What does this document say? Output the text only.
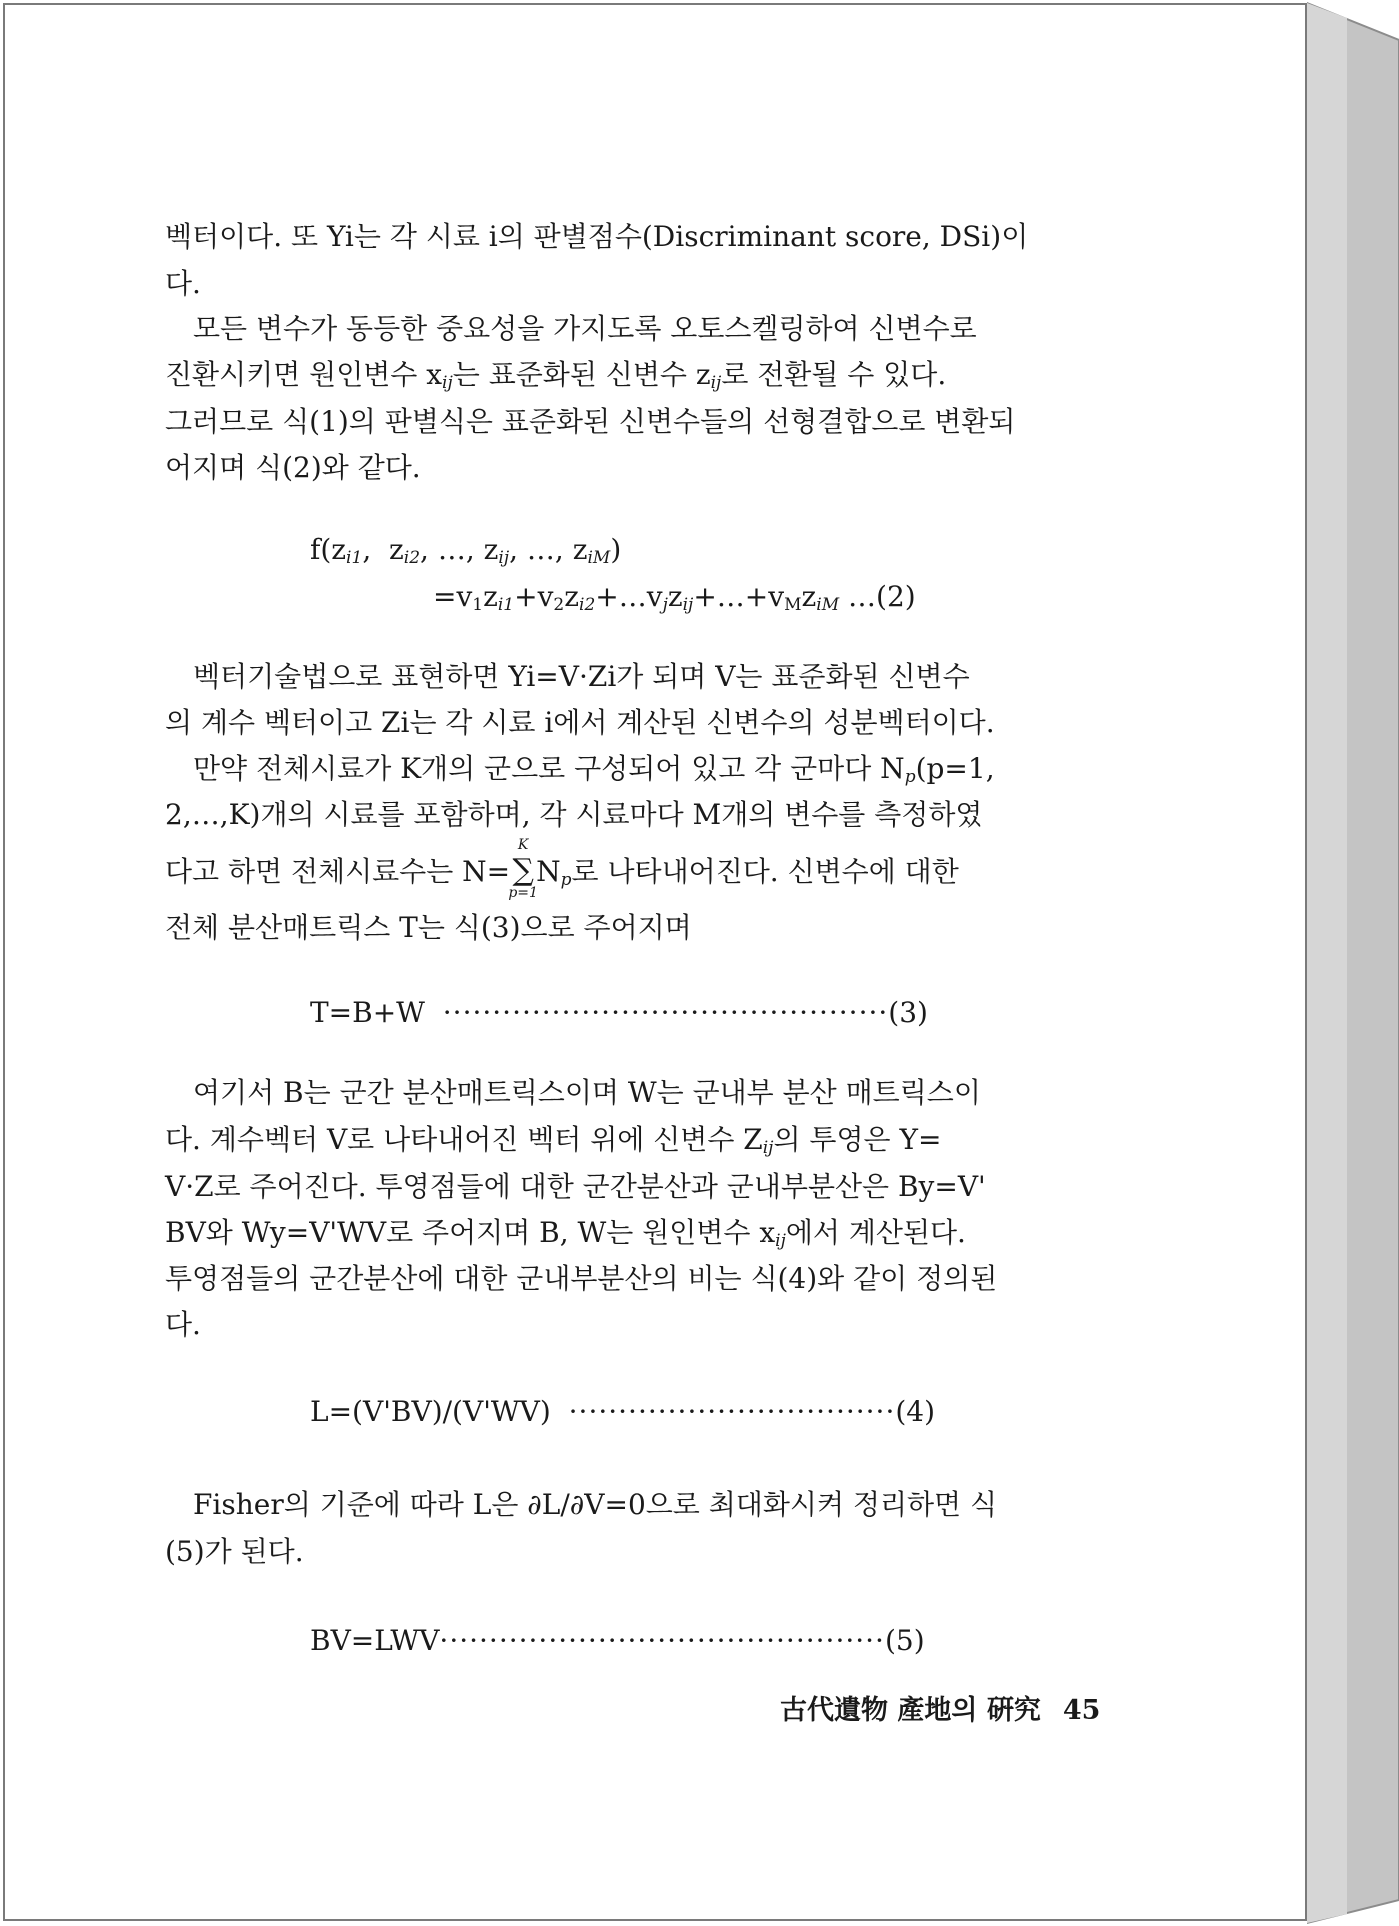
벡터이다. 또 Yi는 각 시료 i의 판별점수(Discriminant score, DSi)이
다.
모든 변수가 동등한 중요성을 가지도록 오토스켈링하여 신변수로
진환시키면 원인변수 $x_{ij}$는 표준화된 신변수 $z_{ij}$로 전환될 수 있다.
그러므로 식(1)의 판별식은 표준화된 신변수들의 선형결합으로 변환되
어지며 식(2)와 같다.
$f(z_{i1}$,  $z_{i2}$, …, $z_{ij}$, …, $z_{iM}$)
$=v1z_{i1}+v2z_{i2}+\dots v_jz_{ij}+\dots+vMz_{iM}$ …(2)
벡터기술법으로 표현하면 Yi=V·Zi가 되며 V는 표준화된 신변수
의 계수 벡터이고 Zi는 각 시료 i에서 계산된 신변수의 성분벡터이다.
만약 전체시료가 K개의 군으로 구성되어 있고 각 군마다 $N_p(p=1$,
2,…,K)개의 시료를 포함하며, 각 시료마다 M개의 변수를 측정하였
다고 하면 전체시료수는 N=
K
∑
p=1
$N_p$로 나타내어진다. 신변수에 대한
전체 분산매트릭스 T는 식(3)으로 주어지며
T=B+W ·············································(3)
여기서 B는 군간 분산매트릭스이며 W는 군내부 분산 매트릭스이
다. 계수벡터 V로 나타내어진 벡터 위에 신변수 $Z_{ij}$의 투영은 Y=
V·Z로 주어진다. 투영점들에 대한 군간분산과 군내부분산은 By=V'
BV와 Wy=V'WV로 주어지며 B, W는 원인변수 $x_{ij}$에서 계산된다.
투영점들의 군간분산에 대한 군내부분산의 비는 식(4)와 같이 정의된
다.
L=(V'BV)/(V'WV) ·································(4)
Fisher의 기준에 따라 L은 ∂L/∂V=0으로 최대화시켜 정리하면 식
(5)가 된다.
BV=LWV·············································(5)
古代遺物 產地의 硏究 45
